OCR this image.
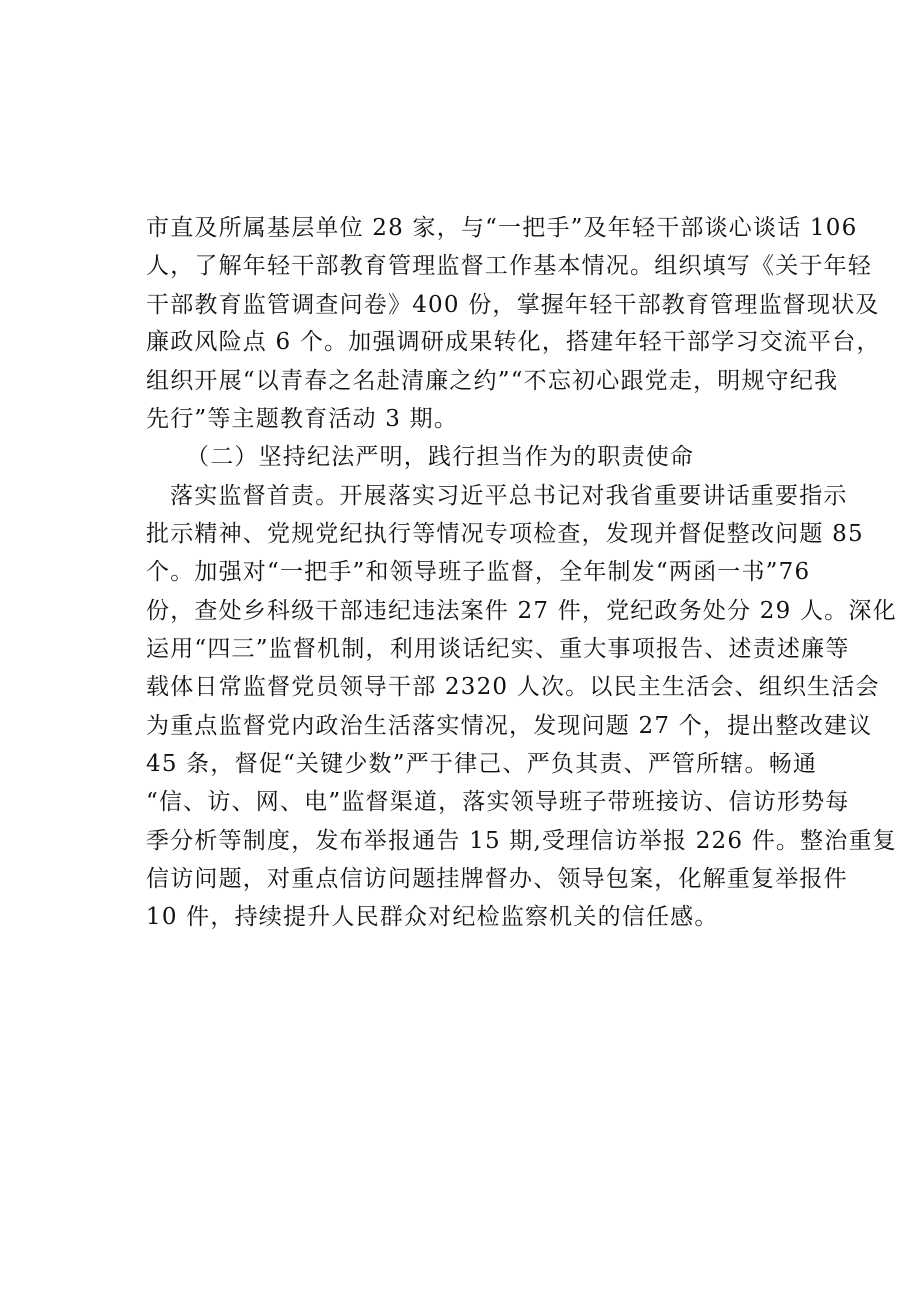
市直及所属基层单位 28 家，与“一把手”及年轻干部谈心谈话 106
人，了解年轻干部教育管理监督工作基本情况。组织填写《关于年轻
干部教育监管调查问卷》400 份，掌握年轻干部教育管理监督现状及
廉政风险点 6 个。加强调研成果转化，搭建年轻干部学习交流平台，
组织开展“以青春之名赴清廉之约”“不忘初心跟党走，明规守纪我
先行”等主题教育活动 3 期。
（二）坚持纪法严明，践行担当作为的职责使命
落实监督首责。开展落实习近平总书记对我省重要讲话重要指示
批示精神、党规党纪执行等情况专项检查，发现并督促整改问题 85
个。加强对“一把手”和领导班子监督，全年制发“两函一书”76
份，查处乡科级干部违纪违法案件 27 件，党纪政务处分 29 人。深化
运用“四三”监督机制，利用谈话纪实、重大事项报告、述责述廉等
载体日常监督党员领导干部 2320 人次。以民主生活会、组织生活会
为重点监督党内政治生活落实情况，发现问题 27 个，提出整改建议
45 条，督促“关键少数”严于律己、严负其责、严管所辖。畅通
“信、访、网、电”监督渠道，落实领导班子带班接访、信访形势每
季分析等制度，发布举报通告 15 期,受理信访举报 226 件。整治重复
信访问题，对重点信访问题挂牌督办、领导包案，化解重复举报件
10 件，持续提升人民群众对纪检监察机关的信任感。
